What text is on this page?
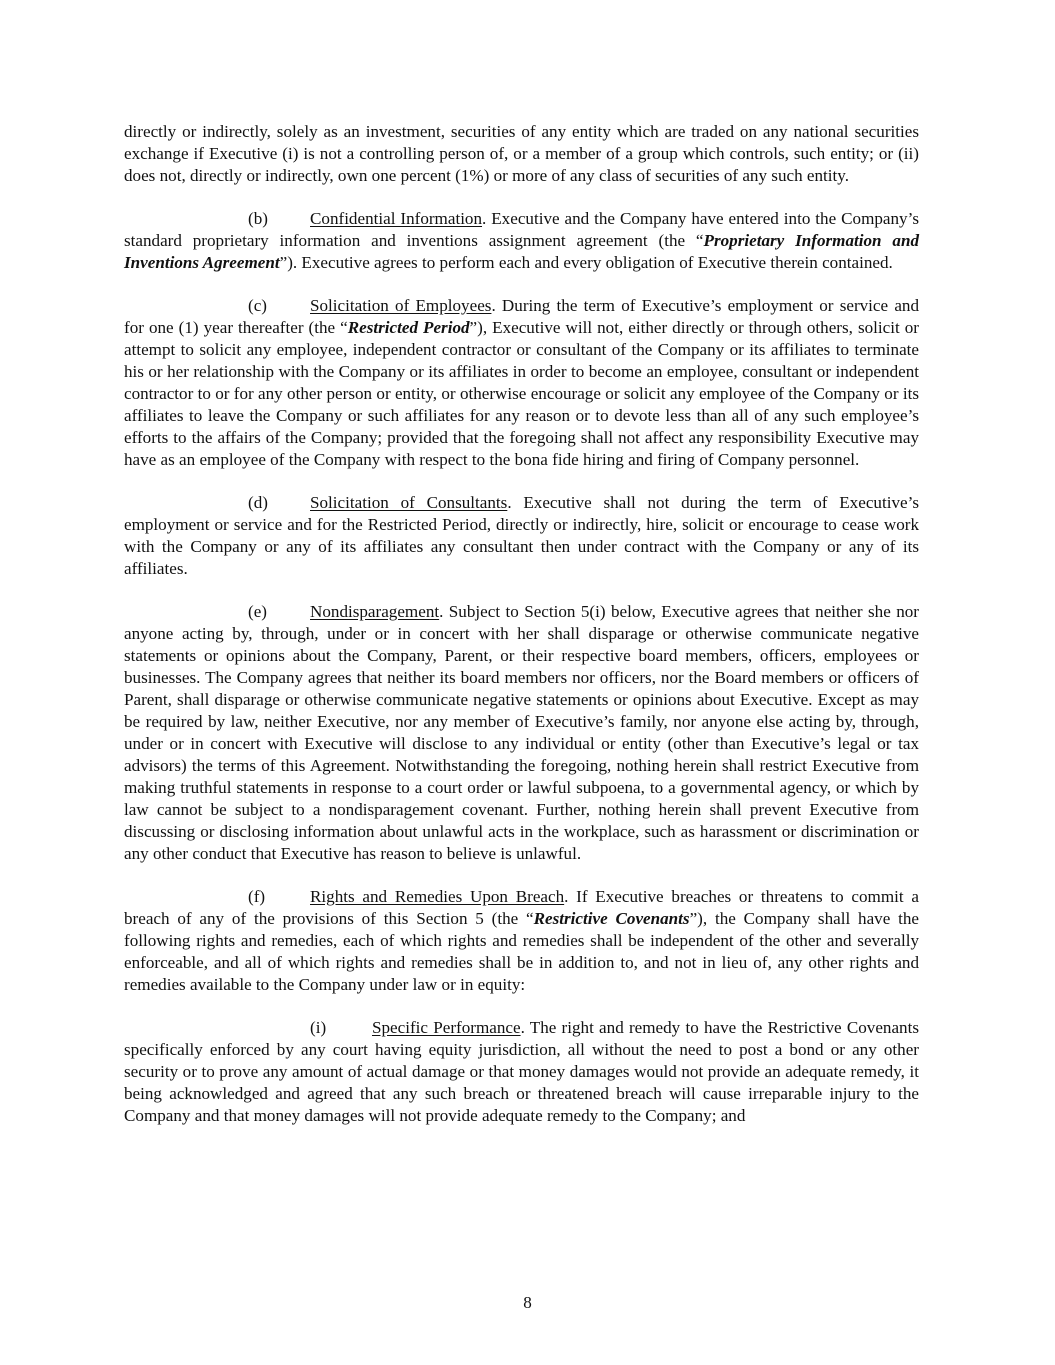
directly or indirectly, solely as an investment, securities of any entity which are traded on any national securities exchange if Executive (i) is not a controlling person of, or a member of a group which controls, such entity; or (ii) does not, directly or indirectly, own one percent (1%) or more of any class of securities of any such entity.

(b) Confidential Information. Executive and the Company have entered into the Company’s standard proprietary information and inventions assignment agreement (the “Proprietary Information and Inventions Agreement”). Executive agrees to perform each and every obligation of Executive therein contained.

(c)	Solicitation of Employees. During the term of Executive’s employment or service and for one (1) year thereafter (the “Restricted Period”), Executive will not, either directly or through others, solicit or attempt to solicit any employee, independent contractor or consultant of the Company or its affiliates to terminate his or her relationship with the Company or its affiliates in order to become an employee, consultant or independent contractor to or for any other person or entity, or otherwise encourage or solicit any employee of the Company or its affiliates to leave the Company or such affiliates for any reason or to devote less than all of any such employee’s efforts to the affairs of the Company; provided that the foregoing shall not affect any responsibility Executive may have as an employee of the Company with respect to the bona fide hiring and firing of Company personnel.

(d) Solicitation of Consultants. Executive shall not during the term of Executive’s employment or service and for the Restricted Period, directly or indirectly, hire, solicit or encourage to cease work with the Company or any of its affiliates any consultant then under contract with the Company or any of its affiliates.

(e)	Nondisparagement. Subject to Section 5(i) below, Executive agrees that neither she nor anyone acting by, through, under or in concert with her shall disparage or otherwise communicate negative statements or opinions about the Company, Parent, or their respective board members, officers, employees or businesses. The Company agrees that neither its board members nor officers, nor the Board members or officers of Parent, shall disparage or otherwise communicate negative statements or opinions about Executive. Except as may be required by law, neither Executive, nor any member of Executive’s family, nor anyone else acting by, through, under or in concert with Executive will disclose to any individual or entity (other than Executive’s legal or tax advisors) the terms of this Agreement. Notwithstanding the foregoing, nothing herein shall restrict Executive from making truthful statements in response to a court order or lawful subpoena, to a governmental agency, or which by law cannot be subject to a nondisparagement covenant. Further, nothing herein shall prevent Executive from discussing or disclosing information about unlawful acts in the workplace, such as harassment or discrimination or any other conduct that Executive has reason to believe is unlawful.

(f)	Rights and Remedies Upon Breach. If Executive breaches or threatens to commit a breach of any of the provisions of this Section 5 (the “Restrictive Covenants”), the Company shall have the following rights and remedies, each of which rights and remedies shall be independent of the other and severally enforceable, and all of which rights and remedies shall be in addition to, and not in lieu of, any other rights and remedies available to the Company under law or in equity:

(i)	Specific Performance. The right and remedy to have the Restrictive Covenants specifically enforced by any court having equity jurisdiction, all without the need to post a bond or any other security or to prove any amount of actual damage or that money damages would not provide an adequate remedy, it being acknowledged and agreed that any such breach or threatened breach will cause irreparable injury to the Company and that money damages will not provide adequate remedy to the Company; and

8
